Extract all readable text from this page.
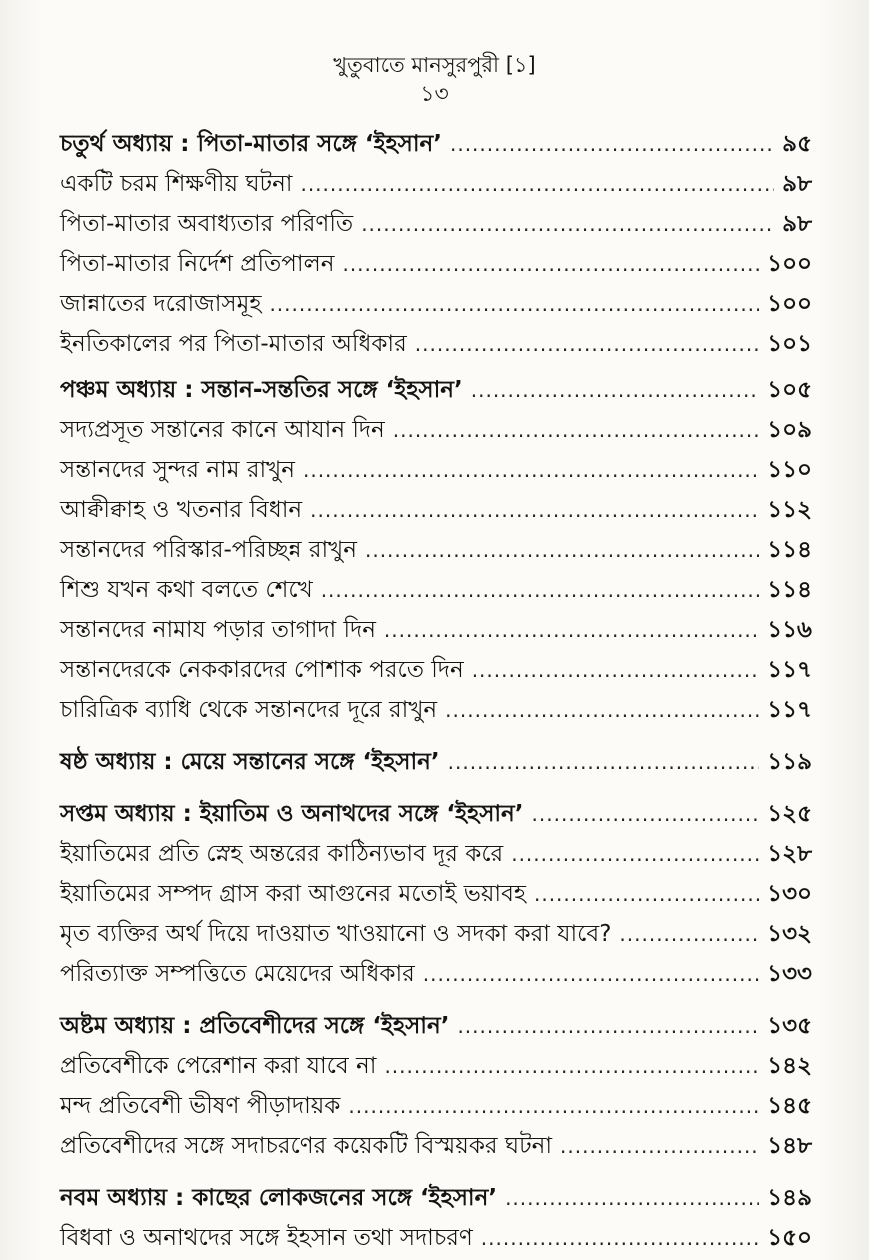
খুতুবাতে মানসুরপুরী [১]
১৩
চতুর্থ অধ্যায় : পিতা-মাতার সঙ্গে ‘ইহসান’ .....	৯৫
একটি চরম শিক্ষণীয় ঘটনা .....	৯৮
পিতা-মাতার অবাধ্যতার পরিণতি .....	৯৮
পিতা-মাতার নির্দেশ প্রতিপালন .....	১০০
জান্নাতের দরোজাসমূহ .....	১০০
ইনতিকালের পর পিতা-মাতার অধিকার .....	১০১
পঞ্চম অধ্যায় : সন্তান-সন্ততির সঙ্গে ‘ইহসান’ .....	১০৫
সদ্যপ্রসূত সন্তানের কানে আযান দিন .....	১০৯
সন্তানদের সুন্দর নাম রাখুন .....	১১০
আক্বীক্বাহ ও খতনার বিধান .....	১১২
সন্তানদের পরিস্কার-পরিচ্ছন্ন রাখুন .....	১১৪
শিশু যখন কথা বলতে শেখে .....	১১৪
সন্তানদের নামায পড়ার তাগাদা দিন .....	১১৬
সন্তানদেরকে নেককারদের পোশাক পরতে দিন .....	১১৭
চারিত্রিক ব্যাধি থেকে সন্তানদের দূরে রাখুন .....	১১৭
ষষ্ঠ অধ্যায় : মেয়ে সন্তানের সঙ্গে ‘ইহসান’ .....	১১৯
সপ্তম অধ্যায় : ইয়াতিম ও অনাথদের সঙ্গে ‘ইহসান’ .....	১২৫
ইয়াতিমের প্রতি স্নেহ অন্তরের কাঠিন্যভাব দূর করে .....	১২৮
ইয়াতিমের সম্পদ গ্রাস করা আগুনের মতোই ভয়াবহ .....	১৩০
মৃত ব্যক্তির অর্থ দিয়ে দাওয়াত খাওয়ানো ও সদকা করা যাবে? .....	১৩২
পরিত্যাক্ত সম্পত্তিতে মেয়েদের অধিকার .....	১৩৩
অষ্টম অধ্যায় : প্রতিবেশীদের সঙ্গে ‘ইহসান’ .....	১৩৫
প্রতিবেশীকে পেরেশান করা যাবে না .....	১৪২
মন্দ প্রতিবেশী ভীষণ পীড়াদায়ক .....	১৪৫
প্রতিবেশীদের সঙ্গে সদাচরণের কয়েকটি বিস্ময়কর ঘটনা .....	১৪৮
নবম অধ্যায় : কাছের লোকজনের সঙ্গে ‘ইহসান’ .....	১৪৯
বিধবা ও অনাথদের সঙ্গে ইহসান তথা সদাচরণ .....	১৫০
